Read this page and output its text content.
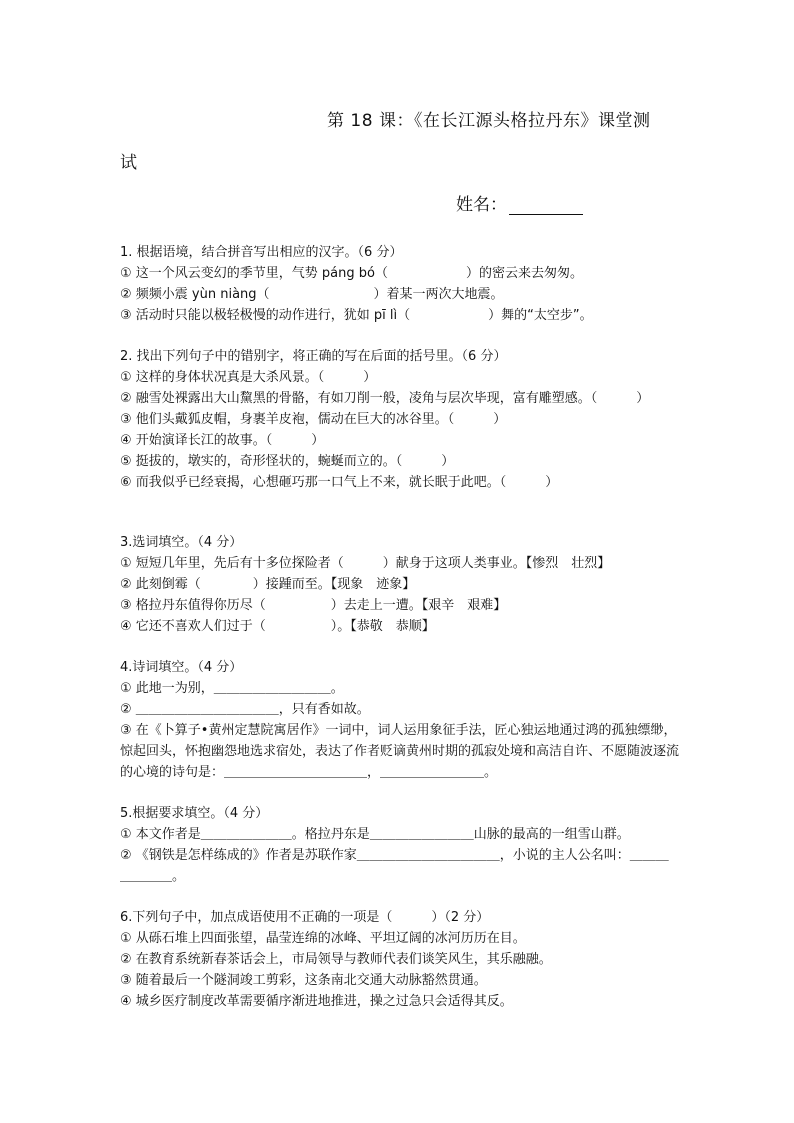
第 18 课：《在长江源头格拉丹东》课堂测
试
姓名：
1. 根据语境，结合拼音写出相应的汉字。（6 分）
① 这一个风云变幻的季节里，气势 páng bó（　　　　　　）的密云来去匆匆。
② 频频小震 yùn niàng（　　　　　　　　）着某一两次大地震。
③ 活动时只能以极轻极慢的动作进行，犹如 pī lì（　　　　　　）舞的“太空步”。
2. 找出下列句子中的错别字，将正确的写在后面的括号里。（6 分）
① 这样的身体状况真是大杀风景。（　　　）
② 融雪处裸露出大山黧黑的骨骼，有如刀削一般，凌角与层次毕现，富有雕塑感。（　　　）
③ 他们头戴狐皮帽，身裹羊皮袍，儒动在巨大的冰谷里。（　　　）
④ 开始演译长江的故事。（　　　）
⑤ 挺拔的，墩实的，奇形怪状的，蜿蜒而立的。（　　　）
⑥ 而我似乎已经衰揭，心想砸巧那一口气上不来，就长眠于此吧。（　　　）
3.选词填空。（4 分）
① 短短几年里，先后有十多位探险者（　　　）献身于这项人类事业。【惨烈　壮烈】
② 此刻倒霉（　　　　）接踵而至。【现象　迹象】
③ 格拉丹东值得你历尽（　　　　　）去走上一遭。【艰辛　艰难】
④ 它还不喜欢人们过于（　　　　　）。【恭敬　恭顺】
4.诗词填空。（4 分）
① 此地一为别，＿＿＿＿＿＿＿＿＿。
② ＿＿＿＿＿＿＿＿＿＿＿，只有香如故。
③ 在《卜算子•黄州定慧院寓居作》一词中，词人运用象征手法，匠心独运地通过鸿的孤独缥缈，惊起回头，怀抱幽怨地选求宿处，表达了作者贬谪黄州时期的孤寂处境和高洁自许、不愿随波逐流的心境的诗句是：＿＿＿＿＿＿＿＿＿＿＿，＿＿＿＿＿＿＿＿。
5.根据要求填空。（4 分）
① 本文作者是＿＿＿＿＿＿＿。格拉丹东是＿＿＿＿＿＿＿＿山脉的最高的一组雪山群。
② 《钢铁是怎样练成的》作者是苏联作家＿＿＿＿＿＿＿＿＿＿＿，小说的主人公名叫：＿＿＿＿＿＿＿。
6.下列句子中，加点成语使用不正确的一项是（　　　）（2 分）
① 从砾石堆上四面张望，晶莹连绵的冰峰、平坦辽阔的冰河历历在目。
② 在教育系统新春茶话会上，市局领导与教师代表们谈笑风生，其乐融融。
③ 随着最后一个隧洞竣工剪彩，这条南北交通大动脉豁然贯通。
④ 城乡医疗制度改革需要循序渐进地推进，操之过急只会适得其反。
